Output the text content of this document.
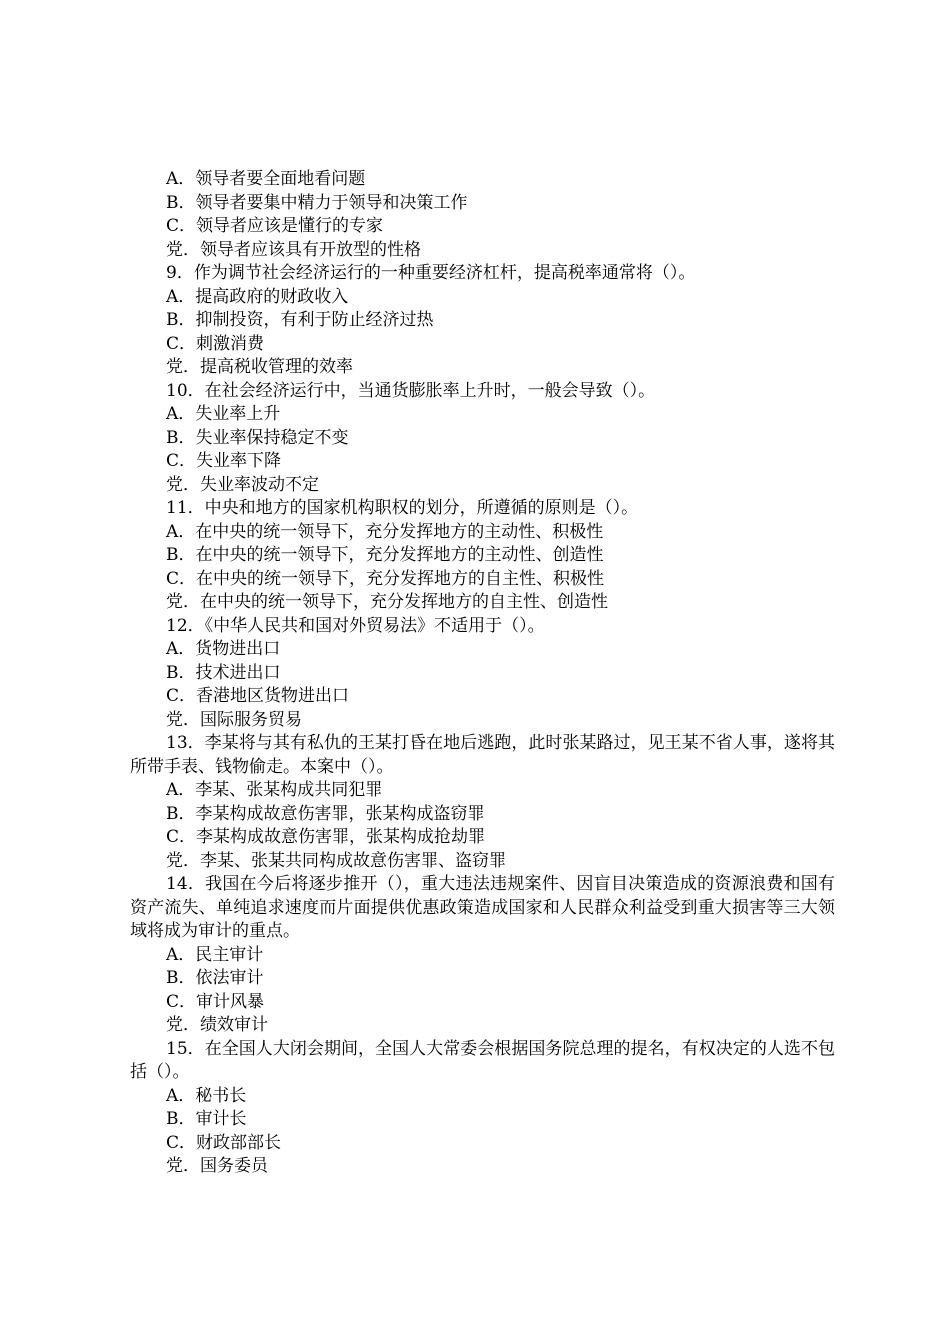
A．领导者要全面地看问题

B．领导者要集中精力于领导和决策工作

C．领导者应该是懂行的专家

党．领导者应该具有开放型的性格

9．作为调节社会经济运行的一种重要经济杠杆，提高税率通常将（）。

A．提高政府的财政收入

B．抑制投资，有利于防止经济过热

C．刺激消费

党．提高税收管理的效率

10．在社会经济运行中，当通货膨胀率上升时，一般会导致（）。

A．失业率上升

B．失业率保持稳定不变

C．失业率下降

党．失业率波动不定

11．中央和地方的国家机构职权的划分，所遵循的原则是（）。

A．在中央的统一领导下，充分发挥地方的主动性、积极性

B．在中央的统一领导下，充分发挥地方的主动性、创造性

C．在中央的统一领导下，充分发挥地方的自主性、积极性

党．在中央的统一领导下，充分发挥地方的自主性、创造性

12．《中华人民共和国对外贸易法》不适用于（）。

A．货物进出口

B．技术进出口

C．香港地区货物进出口

党．国际服务贸易

13．李某将与其有私仇的王某打昏在地后逃跑，此时张某路过，见王某不省人事，遂将其所带手表、钱物偷走。本案中（）。

A．李某、张某构成共同犯罪

B．李某构成故意伤害罪，张某构成盗窃罪

C．李某构成故意伤害罪，张某构成抢劫罪

党．李某、张某共同构成故意伤害罪、盗窃罪

14．我国在今后将逐步推开（），重大违法违规案件、因盲目决策造成的资源浪费和国有资产流失、单纯追求速度而片面提供优惠政策造成国家和人民群众利益受到重大损害等三大领域将成为审计的重点。

A．民主审计

B．依法审计

C．审计风暴

党．绩效审计

15．在全国人大闭会期间，全国人大常委会根据国务院总理的提名，有权决定的人选不包括（）。

A．秘书长

B．审计长

C．财政部部长

党．国务委员
